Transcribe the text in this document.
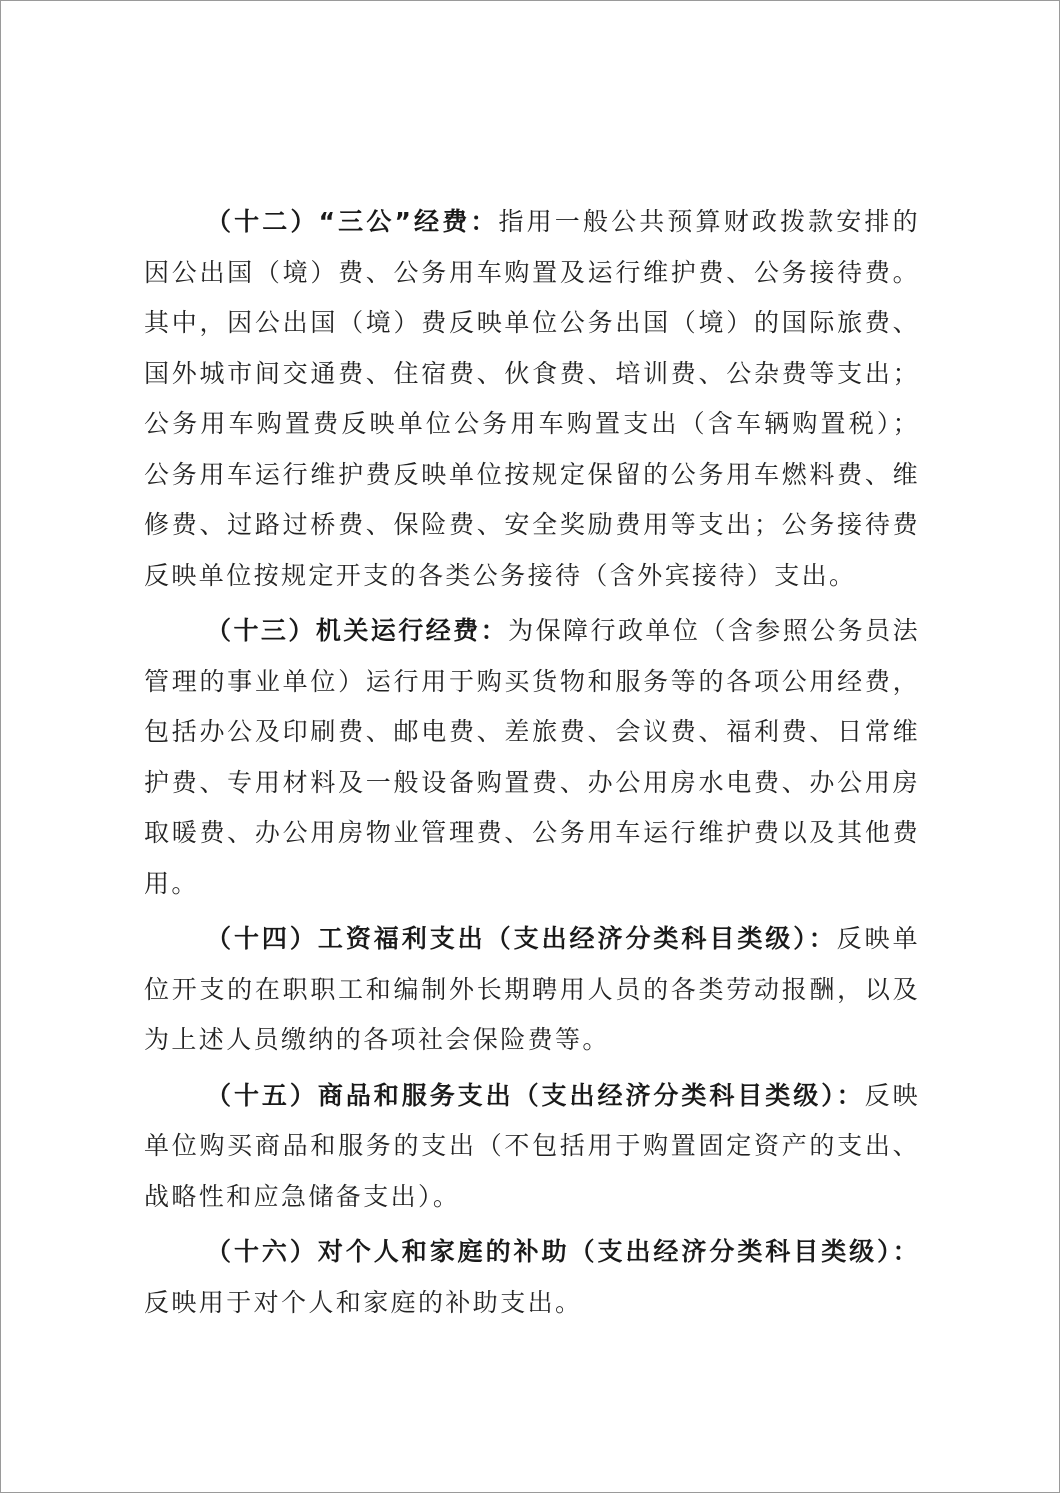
（十二）“三公”经费：指用一般公共预算财政拨款安排的因公出国（境）费、公务用车购置及运行维护费、公务接待费。其中，因公出国（境）费反映单位公务出国（境）的国际旅费、国外城市间交通费、住宿费、伙食费、培训费、公杂费等支出；公务用车购置费反映单位公务用车购置支出（含车辆购置税）；公务用车运行维护费反映单位按规定保留的公务用车燃料费、维修费、过路过桥费、保险费、安全奖励费用等支出；公务接待费反映单位按规定开支的各类公务接待（含外宾接待）支出。

（十三）机关运行经费：为保障行政单位（含参照公务员法管理的事业单位）运行用于购买货物和服务等的各项公用经费，包括办公及印刷费、邮电费、差旅费、会议费、福利费、日常维护费、专用材料及一般设备购置费、办公用房水电费、办公用房取暖费、办公用房物业管理费、公务用车运行维护费以及其他费用。

（十四）工资福利支出（支出经济分类科目类级）：反映单位开支的在职职工和编制外长期聘用人员的各类劳动报酬，以及为上述人员缴纳的各项社会保险费等。

（十五）商品和服务支出（支出经济分类科目类级）：反映单位购买商品和服务的支出（不包括用于购置固定资产的支出、战略性和应急储备支出）。

（十六）对个人和家庭的补助（支出经济分类科目类级）：反映用于对个人和家庭的补助支出。
